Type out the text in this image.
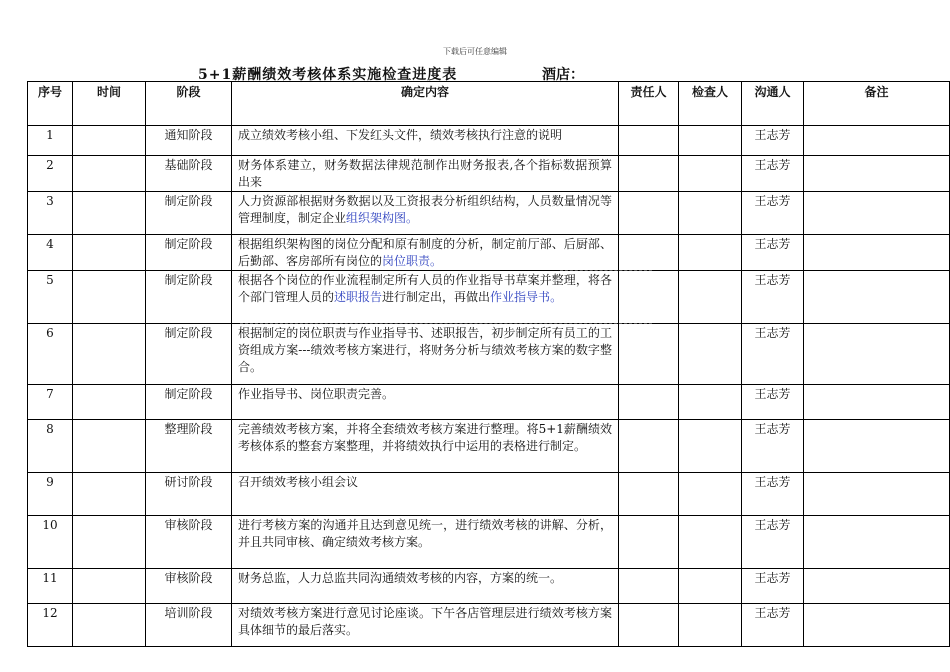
下载后可任意编辑
5+1薪酬绩效考核体系实施检查进度表	酒店：
序号	时间	阶段	确定内容	责任人	检查人	沟通人	备注
1		通知阶段	成立绩效考核小组、下发红头文件，绩效考核执行注意的说明			王志芳	
2		基础阶段	财务体系建立，财务数据法律规范制作出财务报表,各个指标数据预算出来			王志芳	
3		制定阶段	人力资源部根据财务数据以及工资报表分析组织结构，人员数量情况等管理制度，制定企业组织架构图。			王志芳	
4		制定阶段	根据组织架构图的岗位分配和原有制度的分析，制定前厅部、后厨部、后勤部、客房部所有岗位的岗位职责。			王志芳	
5		制定阶段	根据各个岗位的作业流程制定所有人员的作业指导书草案并整理，将各个部门管理人员的述职报告进行制定出，再做出作业指导书。			王志芳	
6		制定阶段	根据制定的岗位职责与作业指导书、述职报告，初步制定所有员工的工资组成方案---绩效考核方案进行，将财务分析与绩效考核方案的数字整合。			王志芳	
7		制定阶段	作业指导书、岗位职责完善。			王志芳	
8		整理阶段	完善绩效考核方案，并将全套绩效考核方案进行整理。将5+1薪酬绩效考核体系的整套方案整理，并将绩效执行中运用的表格进行制定。			王志芳	
9		研讨阶段	召开绩效考核小组会议			王志芳	
10		审核阶段	进行考核方案的沟通并且达到意见统一，进行绩效考核的讲解、分析，并且共同审核、确定绩效考核方案。			王志芳	
11		审核阶段	财务总监，人力总监共同沟通绩效考核的内容，方案的统一。			王志芳	
12		培训阶段	对绩效考核方案进行意见讨论座谈。下午各店管理层进行绩效考核方案具体细节的最后落实。			王志芳	
